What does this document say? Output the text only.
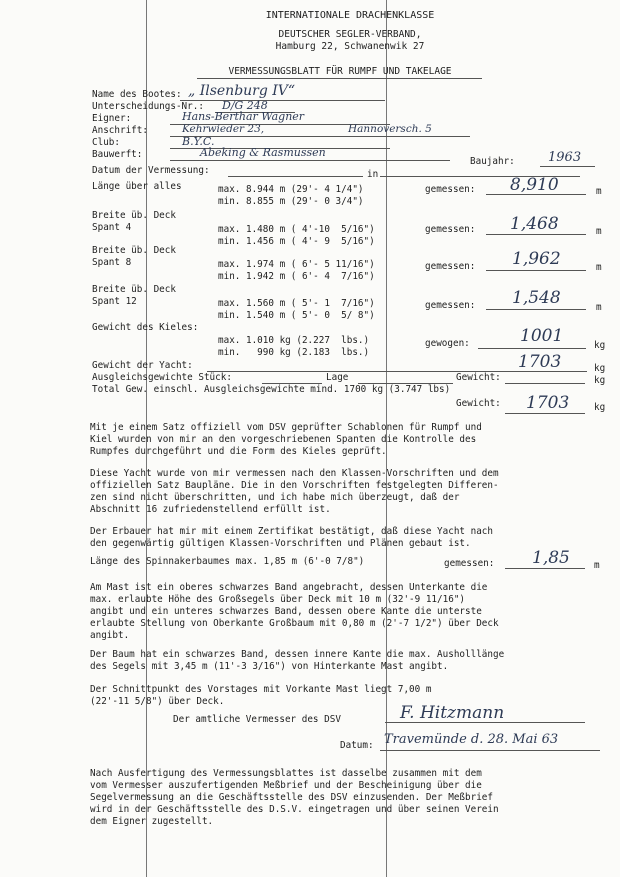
INTERNATIONALE DRACHENKLASSE
DEUTSCHER SEGLER-VERBAND,
Hamburg 22, Schwanenwik 27
VERMESSUNGSBLATT FÜR RUMPF UND TAKELAGE
Name des Bootes: „ Ilsenburg IV“
Unterscheidungs-Nr.: D/G 248
Eigner:	Hans-Berthar Wagner
Anschrift:	Kehrwieder 23,	Hannoversch. 5
Club:	B.Y.C.
Bauwerft:	Abeking & Rasmussen
Baujahr:	1963
Datum der Vermessung:	in
Länge über alles	max. 8.944 m (29'- 4 1/4")
min. 8.855 m (29'- 0 3/4")
gemessen: 8,910	m
Breite üb. Deck
Spant 4	max. 1.480 m ( 4'-10  5/16")
min. 1.456 m ( 4'- 9  5/16")
gemessen: 1,468	m
Breite üb. Deck
Spant 8	max. 1.974 m ( 6'- 5 11/16")
min. 1.942 m ( 6'- 4  7/16")
gemessen: 1,962	m
Breite üb. Deck
Spant 12	max. 1.560 m ( 5'- 1  7/16")
min. 1.540 m ( 5'- 0  5/ 8")
gemessen: 1,548	m
Gewicht des Kieles:
max. 1.010 kg (2.227  lbs.)
min.   990 kg (2.183  lbs.)
gewogen:	1001	kg
Gewicht der Yacht:	1703	kg
Ausgleichsgewichte Stück:	Lage	Gewicht:	kg
Total Gew. einschl. Ausgleichsgewichte mind. 1700 kg (3.747 lbs)
Gewicht: 1703	kg
Mit je einem Satz offiziell vom DSV geprüfter Schablonen für Rumpf und
Kiel wurden von mir an den vorgeschriebenen Spanten die Kontrolle des
Rumpfes durchgeführt und die Form des Kieles geprüft.
Diese Yacht wurde von mir vermessen nach den Klassen-Vorschriften und dem
offiziellen Satz Baupläne. Die in den Vorschriften festgelegten Differen-
zen sind nicht überschritten, und ich habe mich überzeugt, daß der
Abschnitt 16 zufriedenstellend erfüllt ist.
Der Erbauer hat mir mit einem Zertifikat bestätigt, daß diese Yacht nach
den gegenwärtig gültigen Klassen-Vorschriften und Plänen gebaut ist.
Länge des Spinnakerbaumes max. 1,85 m (6'-0 7/8")	gemessen: 1,85	m
Am Mast ist ein oberes schwarzes Band angebracht, dessen Unterkante die
max. erlaubte Höhe des Großsegels über Deck mit 10 m (32'-9 11/16")
angibt und ein unteres schwarzes Band, dessen obere Kante die unterste
erlaubte Stellung von Oberkante Großbaum mit 0,80 m (2'-7 1/2") über Deck
angibt.
Der Baum hat ein schwarzes Band, dessen innere Kante die max. Ausholllänge
des Segels mit 3,45 m (11'-3 3/16") von Hinterkante Mast angibt.
Der Schnittpunkt des Vorstages mit Vorkante Mast liegt 7,00 m
(22'-11 5/8") über Deck.
Der amtliche Vermesser des DSV	F. Hitzmann
Datum: Travemünde d. 28. Mai 63
Nach Ausfertigung des Vermessungsblattes ist dasselbe zusammen mit dem
vom Vermesser auszufertigenden Meßbrief und der Bescheinigung über die
Segelvermessung an die Geschäftsstelle des DSV einzusenden. Der Meßbrief
wird in der Geschäftsstelle des D.S.V. eingetragen und über seinen Verein
dem Eigner zugestellt.
